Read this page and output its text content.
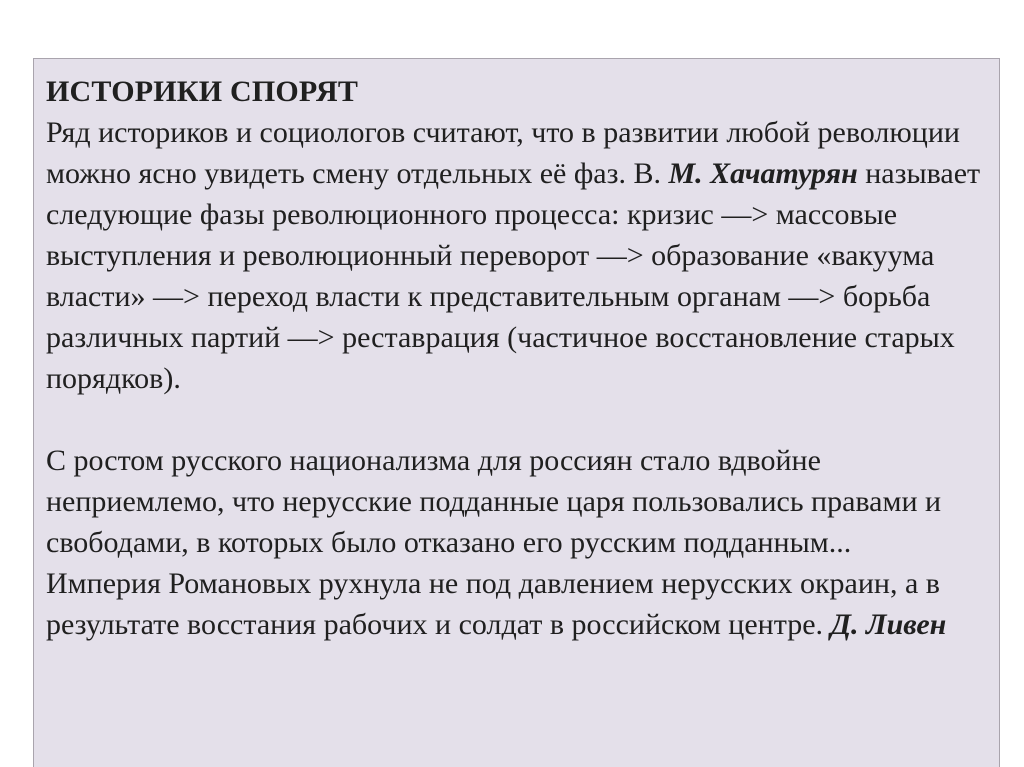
ИСТОРИКИ СПОРЯТ

Ряд историков и социологов считают, что в развитии любой революции можно ясно увидеть смену отдельных её фаз. В. М. Хачатурян называет следующие фазы революционного процесса: кризис —> массовые выступления и революционный переворот —> образование «вакуума власти» —> переход власти к представительным органам —> борьба различных партий —> реставрация (частичное восстановление старых порядков).

С ростом русского национализма для россиян стало вдвойне неприемлемо, что нерусские подданные царя пользовались правами и свободами, в которых было отказано его русским подданным...

Империя Романовых рухнула не под давлением нерусских окраин, а в результате восстания рабочих и солдат в российском центре. Д. Ливен
